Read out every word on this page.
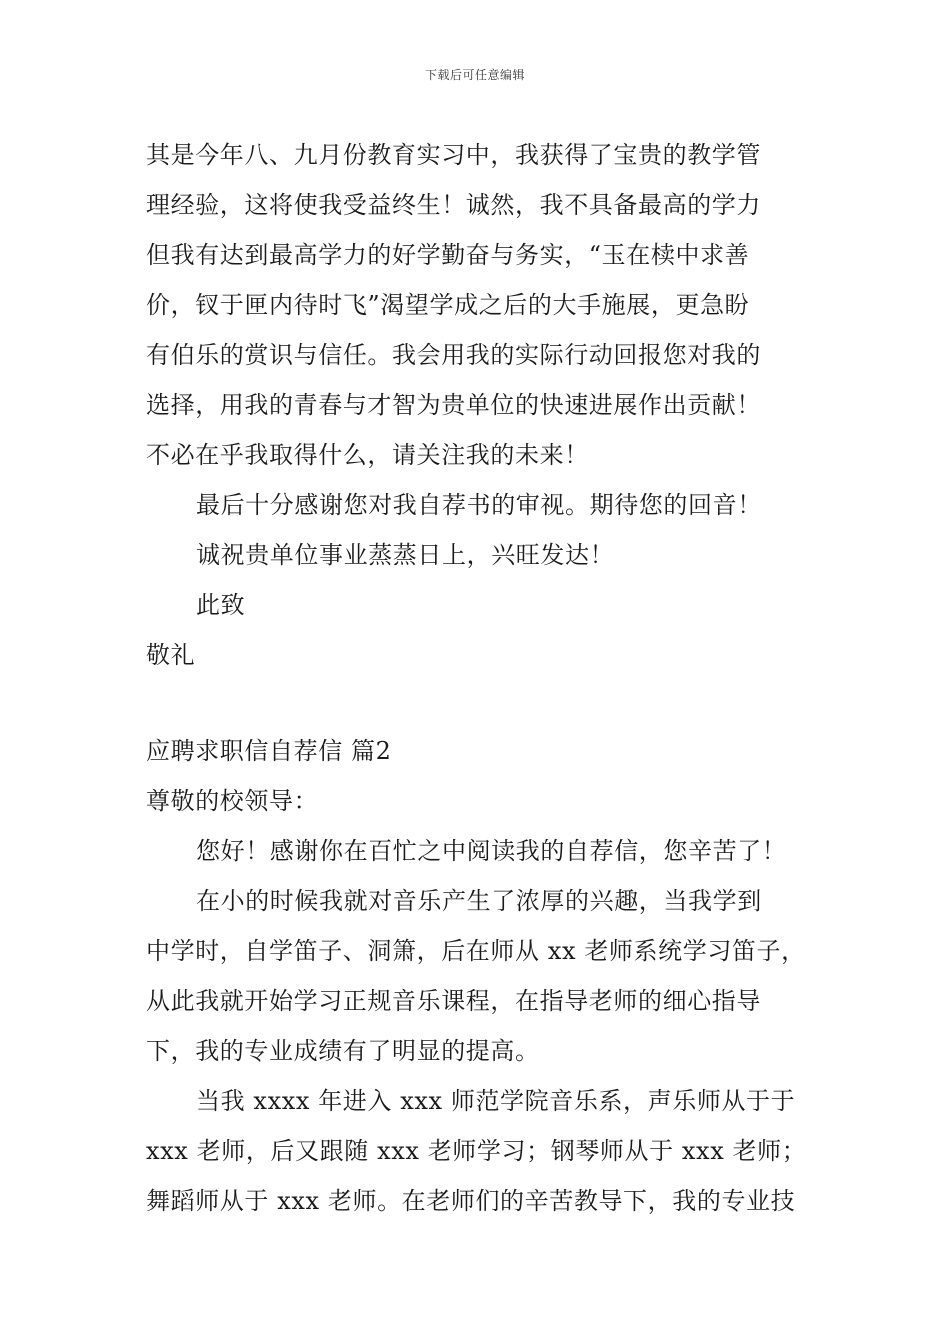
下载后可任意编辑
其是今年八、九月份教育实习中，我获得了宝贵的教学管
理经验，这将使我受益终生！诚然，我不具备最高的学力
但我有达到最高学力的好学勤奋与务实，“玉在椟中求善
价，钗于匣内待时飞”渴望学成之后的大手施展，更急盼
有伯乐的赏识与信任。我会用我的实际行动回报您对我的
选择，用我的青春与才智为贵单位的快速进展作出贡献！
不必在乎我取得什么，请关注我的未来！
最后十分感谢您对我自荐书的审视。期待您的回音！
诚祝贵单位事业蒸蒸日上，兴旺发达！
此致
敬礼
应聘求职信自荐信 篇2
尊敬的校领导：
您好！感谢你在百忙之中阅读我的自荐信，您辛苦了！
在小的时候我就对音乐产生了浓厚的兴趣，当我学到
中学时，自学笛子、洞箫，后在师从 xx 老师系统学习笛子，
从此我就开始学习正规音乐课程，在指导老师的细心指导
下，我的专业成绩有了明显的提高。
当我 xxxx 年进入 xxx 师范学院音乐系，声乐师从于于
xxx 老师，后又跟随 xxx 老师学习；钢琴师从于 xxx 老师；
舞蹈师从于 xxx 老师。在老师们的辛苦教导下，我的专业技
